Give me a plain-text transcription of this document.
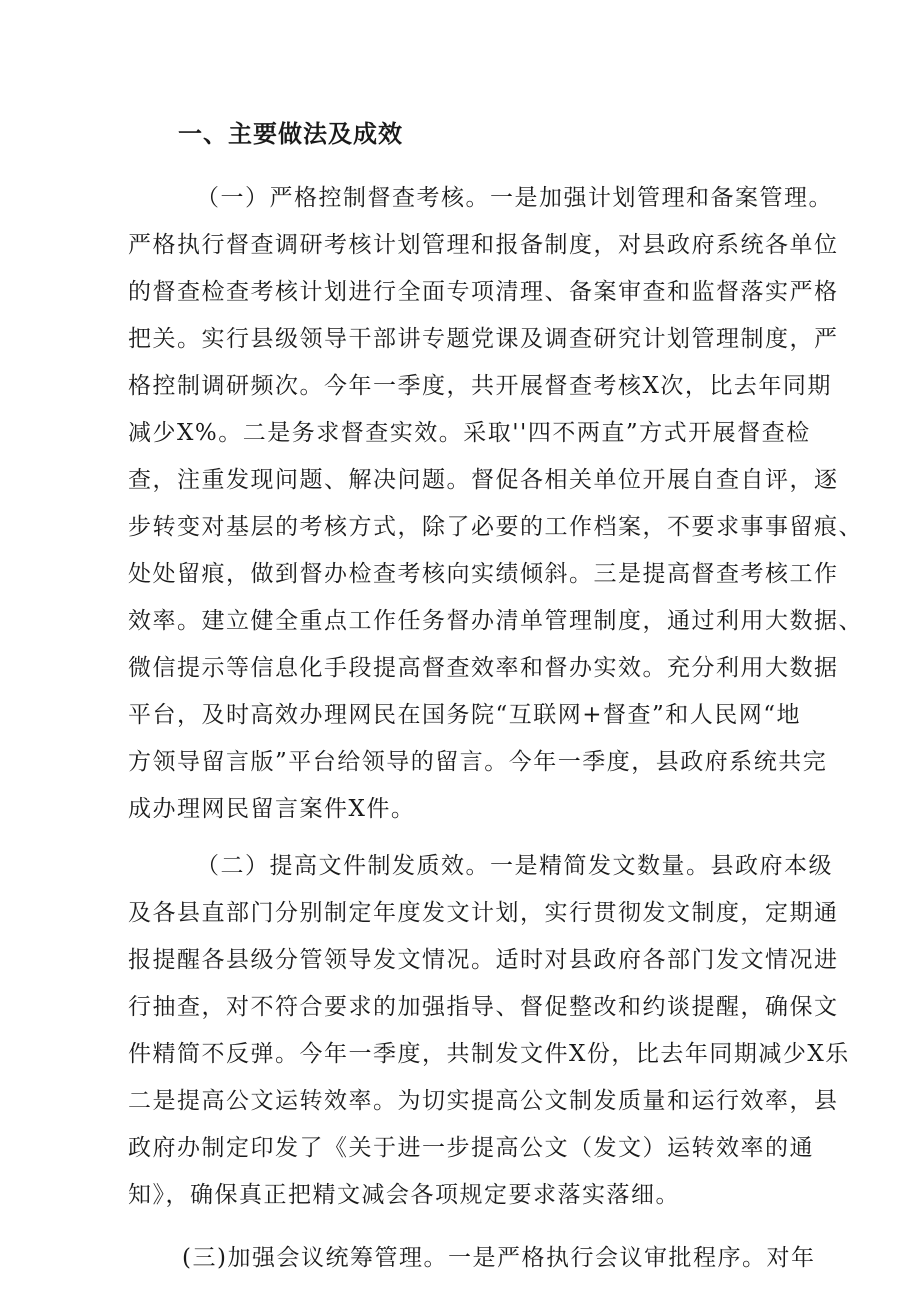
一、主要做法及成效
（一）严格控制督查考核。一是加强计划管理和备案管理。
严格执行督查调研考核计划管理和报备制度，对县政府系统各单位
的督查检查考核计划进行全面专项清理、备案审查和监督落实严格
把关。实行县级领导干部讲专题党课及调查研究计划管理制度，严
格控制调研频次。今年一季度，共开展督查考核X次，比去年同期
减少X%。二是务求督查实效。采取''四不两直”方式开展督查检
查，注重发现问题、解决问题。督促各相关单位开展自查自评，逐
步转变对基层的考核方式，除了必要的工作档案，不要求事事留痕、
处处留痕，做到督办检查考核向实绩倾斜。三是提高督查考核工作
效率。建立健全重点工作任务督办清单管理制度，通过利用大数据、
微信提示等信息化手段提高督查效率和督办实效。充分利用大数据
平台，及时高效办理网民在国务院“互联网+督查”和人民网“地
方领导留言版”平台给领导的留言。今年一季度，县政府系统共完
成办理网民留言案件X件。
（二）提高文件制发质效。一是精简发文数量。县政府本级
及各县直部门分别制定年度发文计划，实行贯彻发文制度，定期通
报提醒各县级分管领导发文情况。适时对县政府各部门发文情况进
行抽查，对不符合要求的加强指导、督促整改和约谈提醒，确保文
件精简不反弹。今年一季度，共制发文件X份，比去年同期减少X乐
二是提高公文运转效率。为切实提高公文制发质量和运行效率，县
政府办制定印发了《关于进一步提高公文（发文）运转效率的通
知》，确保真正把精文减会各项规定要求落实落细。
(三)加强会议统筹管理。一是严格执行会议审批程序。对年
